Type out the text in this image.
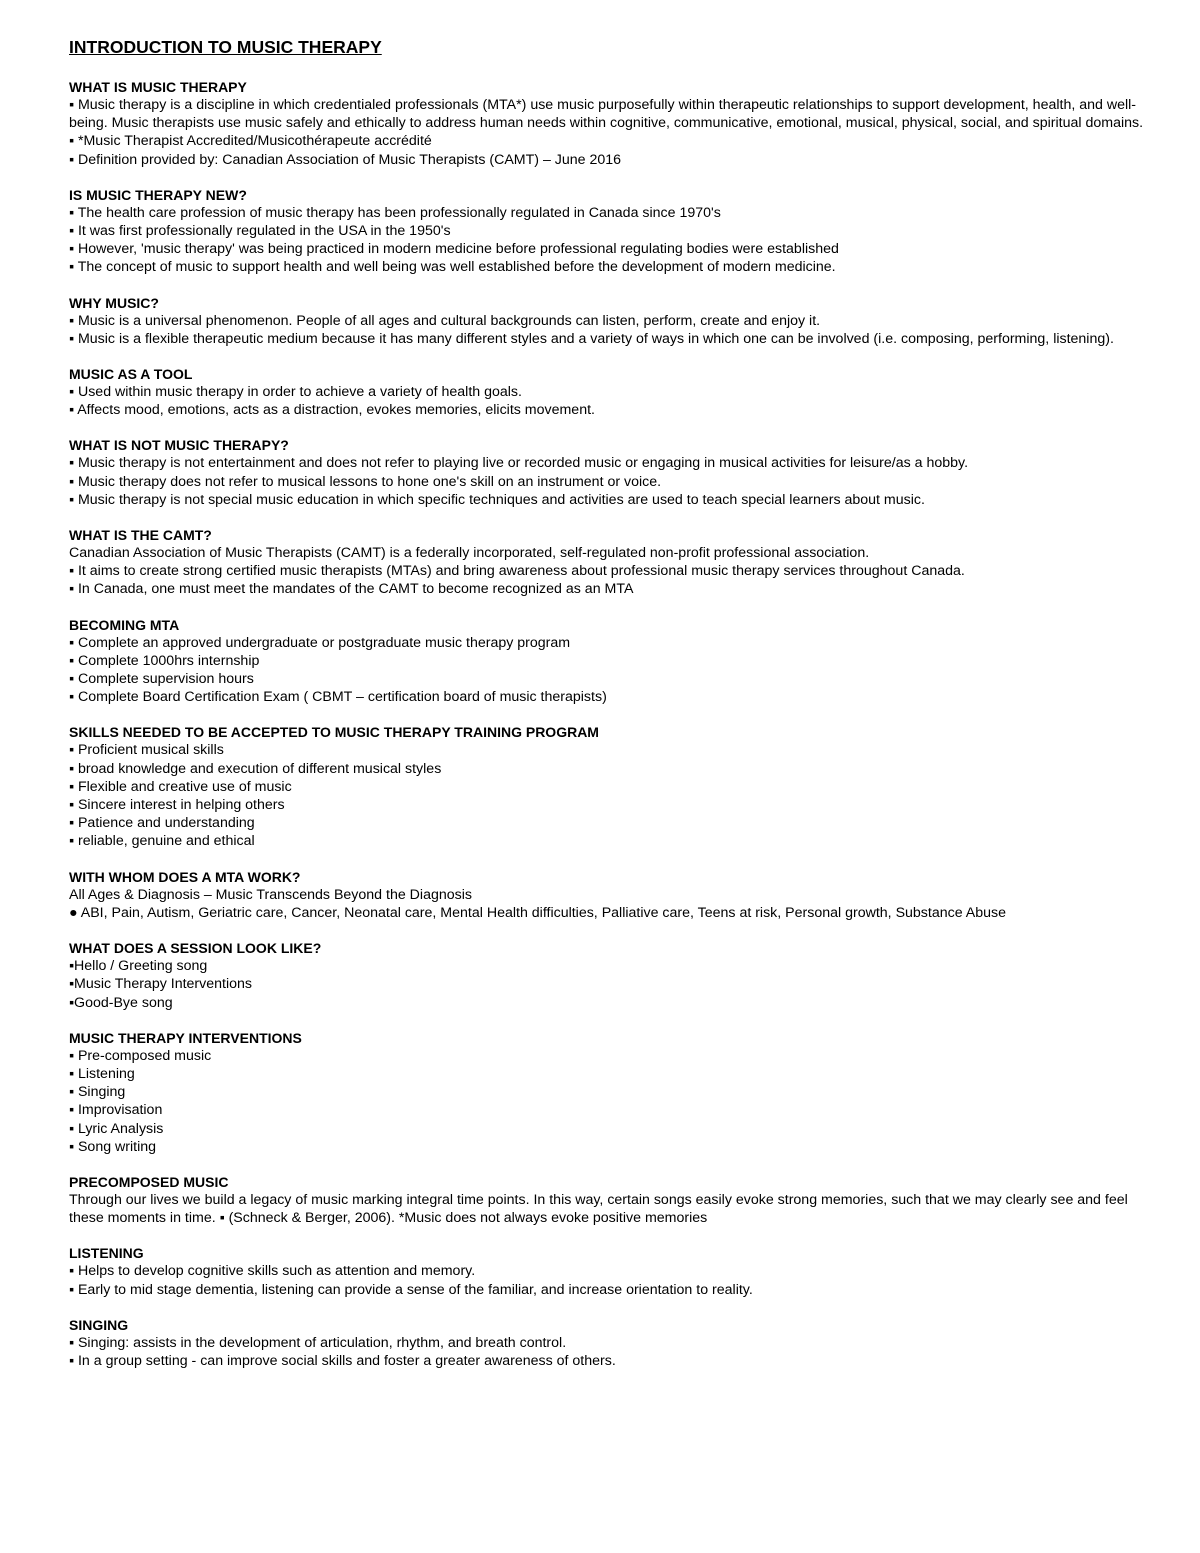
INTRODUCTION TO MUSIC THERAPY
WHAT IS MUSIC THERAPY
▪ Music therapy is a discipline in which credentialed professionals (MTA*) use music purposefully within therapeutic relationships to support development, health, and well-being. Music therapists use music safely and ethically to address human needs within cognitive, communicative, emotional, musical, physical, social, and spiritual domains.
▪ *Music Therapist Accredited/Musicothérapeute accrédité
▪ Definition provided by: Canadian Association of Music Therapists (CAMT) – June 2016
IS MUSIC THERAPY NEW?
▪ The health care profession of music therapy has been professionally regulated in Canada since 1970's
▪ It was first professionally regulated in the USA in the 1950's
▪ However, 'music therapy' was being practiced in modern medicine before professional regulating bodies were established
▪ The concept of music to support health and well being was well established before the development of modern medicine.
WHY MUSIC?
▪ Music is a universal phenomenon. People of all ages and cultural backgrounds can listen, perform, create and enjoy it.
▪ Music is a flexible therapeutic medium because it has many different styles and a variety of ways in which one can be involved (i.e. composing, performing, listening).
MUSIC AS A TOOL
▪ Used within music therapy in order to achieve a variety of health goals.
▪ Affects mood, emotions, acts as a distraction, evokes memories, elicits movement.
WHAT IS NOT MUSIC THERAPY?
▪ Music therapy is not entertainment and does not refer to playing live or recorded music or engaging in musical activities for leisure/as a hobby.
▪ Music therapy does not refer to musical lessons to hone one's skill on an instrument or voice.
▪ Music therapy is not special music education in which specific techniques and activities are used to teach special learners about music.
WHAT IS THE CAMT?
Canadian Association of Music Therapists (CAMT) is a federally incorporated, self-regulated non-profit professional association.
▪ It aims to create strong certified music therapists (MTAs) and bring awareness about professional music therapy services throughout Canada.
▪ In Canada, one must meet the mandates of the CAMT to become recognized as an MTA
BECOMING MTA
▪ Complete an approved undergraduate or postgraduate music therapy program
▪ Complete 1000hrs internship
▪ Complete supervision hours
▪ Complete Board Certification Exam ( CBMT – certification board of music therapists)
SKILLS NEEDED TO BE ACCEPTED TO MUSIC THERAPY TRAINING PROGRAM
▪ Proficient musical skills
▪ broad knowledge and execution of different musical styles
▪ Flexible and creative use of music
▪ Sincere interest in helping others
▪ Patience and understanding
▪ reliable, genuine and ethical
WITH WHOM DOES A MTA WORK?
All Ages & Diagnosis – Music Transcends Beyond the Diagnosis
● ABI, Pain, Autism, Geriatric care, Cancer, Neonatal care, Mental Health difficulties, Palliative care, Teens at risk, Personal growth, Substance Abuse
WHAT DOES A SESSION LOOK LIKE?
▪Hello / Greeting song
▪Music Therapy Interventions
▪Good-Bye song
MUSIC THERAPY INTERVENTIONS
▪ Pre-composed music
▪ Listening
▪ Singing
▪ Improvisation
▪ Lyric Analysis
▪ Song writing
PRECOMPOSED MUSIC
Through our lives we build a legacy of music marking integral time points. In this way, certain songs easily evoke strong memories, such that we may clearly see and feel these moments in time. ▪ (Schneck & Berger, 2006). *Music does not always evoke positive memories
LISTENING
▪ Helps to develop cognitive skills such as attention and memory.
▪ Early to mid stage dementia, listening can provide a sense of the familiar, and increase orientation to reality.
SINGING
▪ Singing: assists in the development of articulation, rhythm, and breath control.
▪ In a group setting - can improve social skills and foster a greater awareness of others.
